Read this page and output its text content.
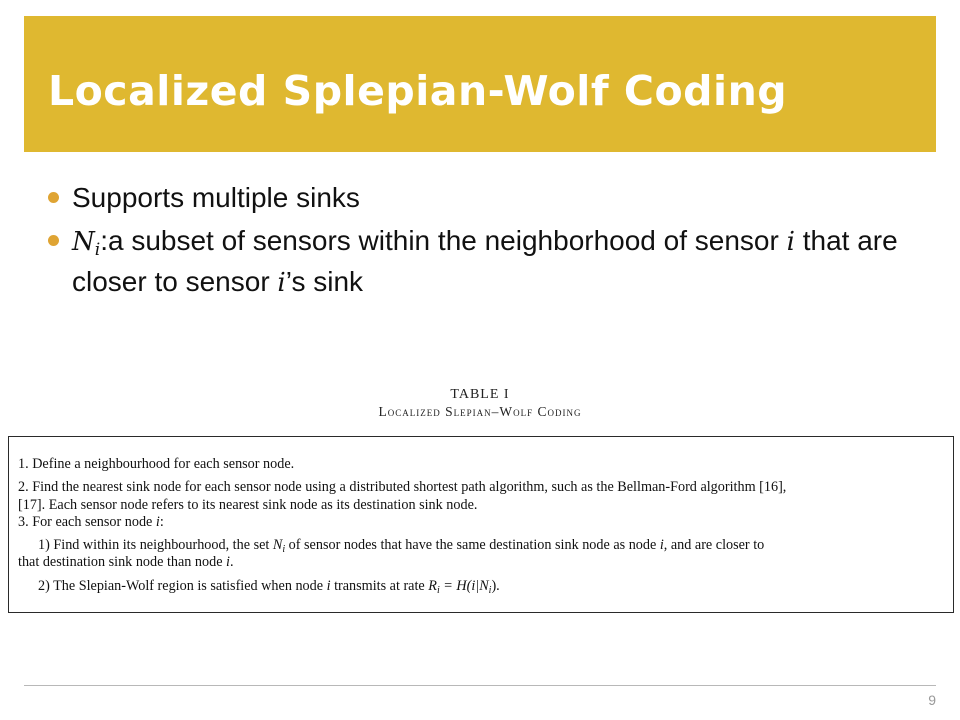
Localized Splepian-Wolf Coding
Supports multiple sinks
$N_i:a$ subset of sensors within the neighborhood of sensor i that are closer to sensor i’s sink
TABLE I
Localized Slepian–Wolf Coding

1. Define a neighbourhood for each sensor node.

2. Find the nearest sink node for each sensor node using a distributed shortest path algorithm, such as the Bellman-Ford algorithm [16],

[17]. Each sensor node refers to its nearest sink node as its destination sink node.

3. For each sensor node i:

1) Find within its neighbourhood, the set $N_i$ of sensor nodes that have the same destination sink node as node i, and are closer to

that destination sink node than node i.

2) The Slepian-Wolf region is satisfied when node i transmits at rate $R_i = H(i|N_i)$.

9
